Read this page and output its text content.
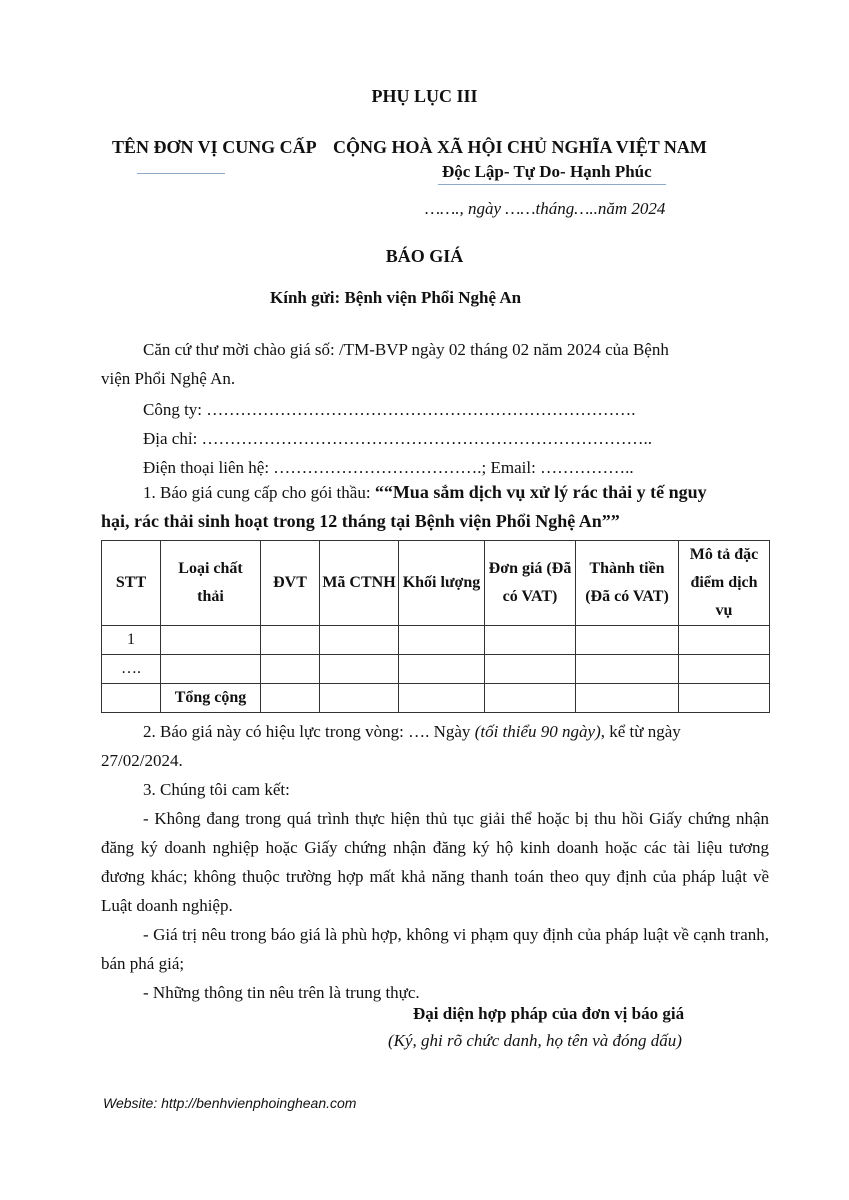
PHỤ LỤC III
TÊN ĐƠN VỊ CUNG CẤP CỘNG HOÀ XÃ HỘI CHỦ NGHĨA VIỆT NAM
Độc Lập- Tự Do- Hạnh Phúc
……., ngày ……tháng…..năm 2024
BÁO GIÁ
Kính gửi: Bệnh viện Phổi Nghệ An
Căn cứ thư mời chào giá số: /TM-BVP ngày 02 tháng 02 năm 2024 của Bệnh
viện Phổi Nghệ An.
Công ty: ………………………………………………………………….
Địa chỉ: ……………………………………………………………………..
Điện thoại liên hệ: ……………………………….; Email: ……………..
1. Báo giá cung cấp cho gói thầu: ““Mua sắm dịch vụ xử lý rác thải y tế nguy
hại, rác thải sinh hoạt trong 12 tháng tại Bệnh viện Phổi Nghệ An””
STT	Loại chất thải	ĐVT	Mã CTNH	Khối lượng	Đơn giá (Đã có VAT)	Thành tiền (Đã có VAT)	Mô tả đặc điểm dịch vụ
1							
….							
	Tổng cộng						
2. Báo giá này có hiệu lực trong vòng: …. Ngày (tối thiểu 90 ngày), kể từ ngày
27/02/2024.
3. Chúng tôi cam kết:
- Không đang trong quá trình thực hiện thủ tục giải thể hoặc bị thu hồi Giấy chứng nhận đăng ký doanh nghiệp hoặc Giấy chứng nhận đăng ký hộ kinh doanh hoặc các tài liệu tương đương khác; không thuộc trường hợp mất khả năng thanh toán theo quy định của pháp luật về Luật doanh nghiệp.
- Giá trị nêu trong báo giá là phù hợp, không vi phạm quy định của pháp luật về cạnh tranh, bán phá giá;
- Những thông tin nêu trên là trung thực.
Đại diện hợp pháp của đơn vị báo giá
(Ký, ghi rõ chức danh, họ tên và đóng dấu)
Website: http://benhvienphoinghean.com
